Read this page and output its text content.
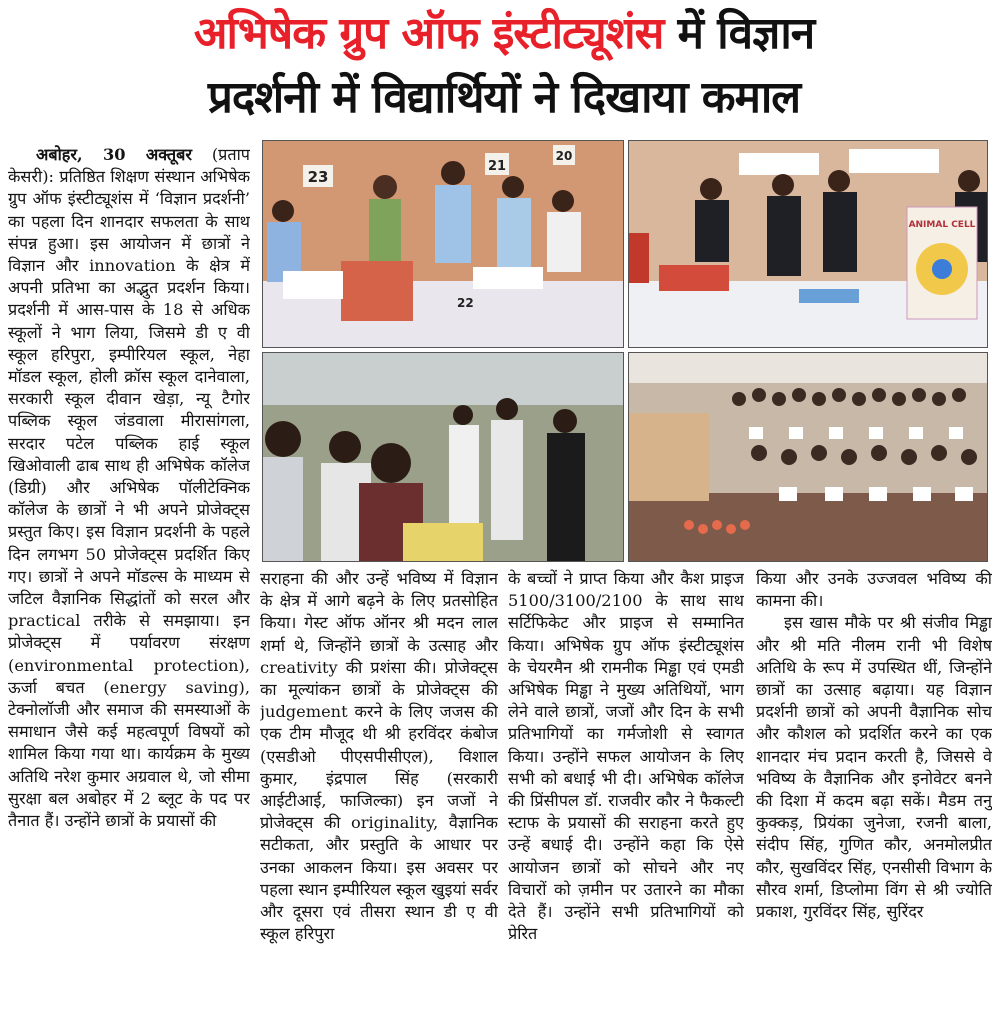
अभिषेक ग्रुप ऑफ इंस्टीट्यूशंस में विज्ञान
प्रदर्शनी में विद्यार्थियों ने दिखाया कमाल
23
21
20
22
ANIMAL CELL

अबोहर, 30 अक्तूबर (प्रताप केसरी): प्रतिष्ठित शिक्षण संस्थान अभिषेक ग्रुप ऑफ इंस्टीट्यूशंस में ‘विज्ञान प्रदर्शनी’ का पहला दिन शानदार सफलता के साथ संपन्न हुआ। इस आयोजन में छात्रों ने विज्ञान और innovation के क्षेत्र में अपनी प्रतिभा का अद्भुत प्रदर्शन किया। प्रदर्शनी में आस-पास के 18 से अधिक स्कूलों ने भाग लिया, जिसमे डी ए वी स्कूल हरिपुरा, इम्पीरियल स्कूल, नेहा मॉडल स्कूल, होली क्रॉस स्कूल दानेवाला, सरकारी स्कूल दीवान खेड़ा, न्यू टैगोर पब्लिक स्कूल जंडवाला मीरासांगला, सरदार पटेल पब्लिक हाई स्कूल खिओवाली ढाब साथ ही अभिषेक कॉलेज (डिग्री) और अभिषेक पॉलीटेक्निक कॉलेज के छात्रों ने भी अपने प्रोजेक्ट्स प्रस्तुत किए। इस विज्ञान प्रदर्शनी के पहले दिन लगभग 50 प्रोजेक्ट्स प्रदर्शित किए गए। छात्रों ने अपने मॉडल्स के माध्यम से जटिल वैज्ञानिक सिद्धांतों को सरल और practical तरीके से समझाया। इन प्रोजेक्ट्स में पर्यावरण संरक्षण (environmental protection), ऊर्जा बचत (energy saving), टेक्नोलॉजी और समाज की समस्याओं के समाधान जैसे कई महत्वपूर्ण विषयों को शामिल किया गया था। कार्यक्रम के मुख्य अतिथि नरेश कुमार अग्रवाल थे, जो सीमा सुरक्षा बल अबोहर में 2 ब्लूट के पद पर तैनात हैं। उन्होंने छात्रों के प्रयासों की

सराहना की और उन्हें भविष्य में विज्ञान के क्षेत्र में आगे बढ़ने के लिए प्रतसोहित किया। गेस्ट ऑफ ऑनर श्री मदन लाल शर्मा थे, जिन्होंने छात्रों के उत्साह और creativity की प्रशंसा की। प्रोजेक्ट्स का मूल्यांकन छात्रों के प्रोजेक्ट्स की judgement करने के लिए जजस की एक टीम मौजूद थी श्री हरविंदर कंबोज (एसडीओ पीएसपीसीएल), विशाल कुमार, इंद्रपाल सिंह (सरकारी आईटीआई, फाजिल्का) इन जजों ने प्रोजेक्ट्स की originality, वैज्ञानिक सटीकता, और प्रस्तुति के आधार पर उनका आकलन किया। इस अवसर पर पहला स्थान इम्पीरियल स्कूल खुइयां सर्वर और दूसरा एवं तीसरा स्थान डी ए वी स्कूल हरिपुरा

के बच्चों ने प्राप्त किया और कैश प्राइज 5100/3100/2100 के साथ साथ सर्टिफिकेट और प्राइज से सम्मानित किया। अभिषेक ग्रुप ऑफ इंस्टीट्यूशंस के चेयरमैन श्री रामनीक मिड्ढा एवं एमडी अभिषेक मिड्ढा ने मुख्य अतिथियों, भाग लेने वाले छात्रों, जजों और दिन के सभी प्रतिभागियों का गर्मजोशी से स्वागत किया। उन्होंने सफल आयोजन के लिए सभी को बधाई भी दी। अभिषेक कॉलेज की प्रिंसीपल डॉ. राजवीर कौर ने फैकल्टी स्टाफ के प्रयासों की सराहना करते हुए उन्हें बधाई दी। उन्होंने कहा कि ऐसे आयोजन छात्रों को सोचने और नए विचारों को ज़मीन पर उतारने का मौका देते हैं। उन्होंने सभी प्रतिभागियों को प्रेरित

किया और उनके उज्जवल भविष्य की कामना की।

इस खास मौके पर श्री संजीव मिड्ढा और श्री मति नीलम रानी भी विशेष अतिथि के रूप में उपस्थित थीं, जिन्होंने छात्रों का उत्साह बढ़ाया। यह विज्ञान प्रदर्शनी छात्रों को अपनी वैज्ञानिक सोच और कौशल को प्रदर्शित करने का एक शानदार मंच प्रदान करती है, जिससे वे भविष्य के वैज्ञानिक और इनोवेटर बनने की दिशा में कदम बढ़ा सकें। मैडम तनु कुक्कड़, प्रियंका जुनेजा, रजनी बाला, संदीप सिंह, गुणित कौर, अनमोलप्रीत कौर, सुखविंदर सिंह, एनसीसी विभाग के सौरव शर्मा, डिप्लोमा विंग से श्री ज्योति प्रकाश, गुरविंदर सिंह, सुरिंदर
